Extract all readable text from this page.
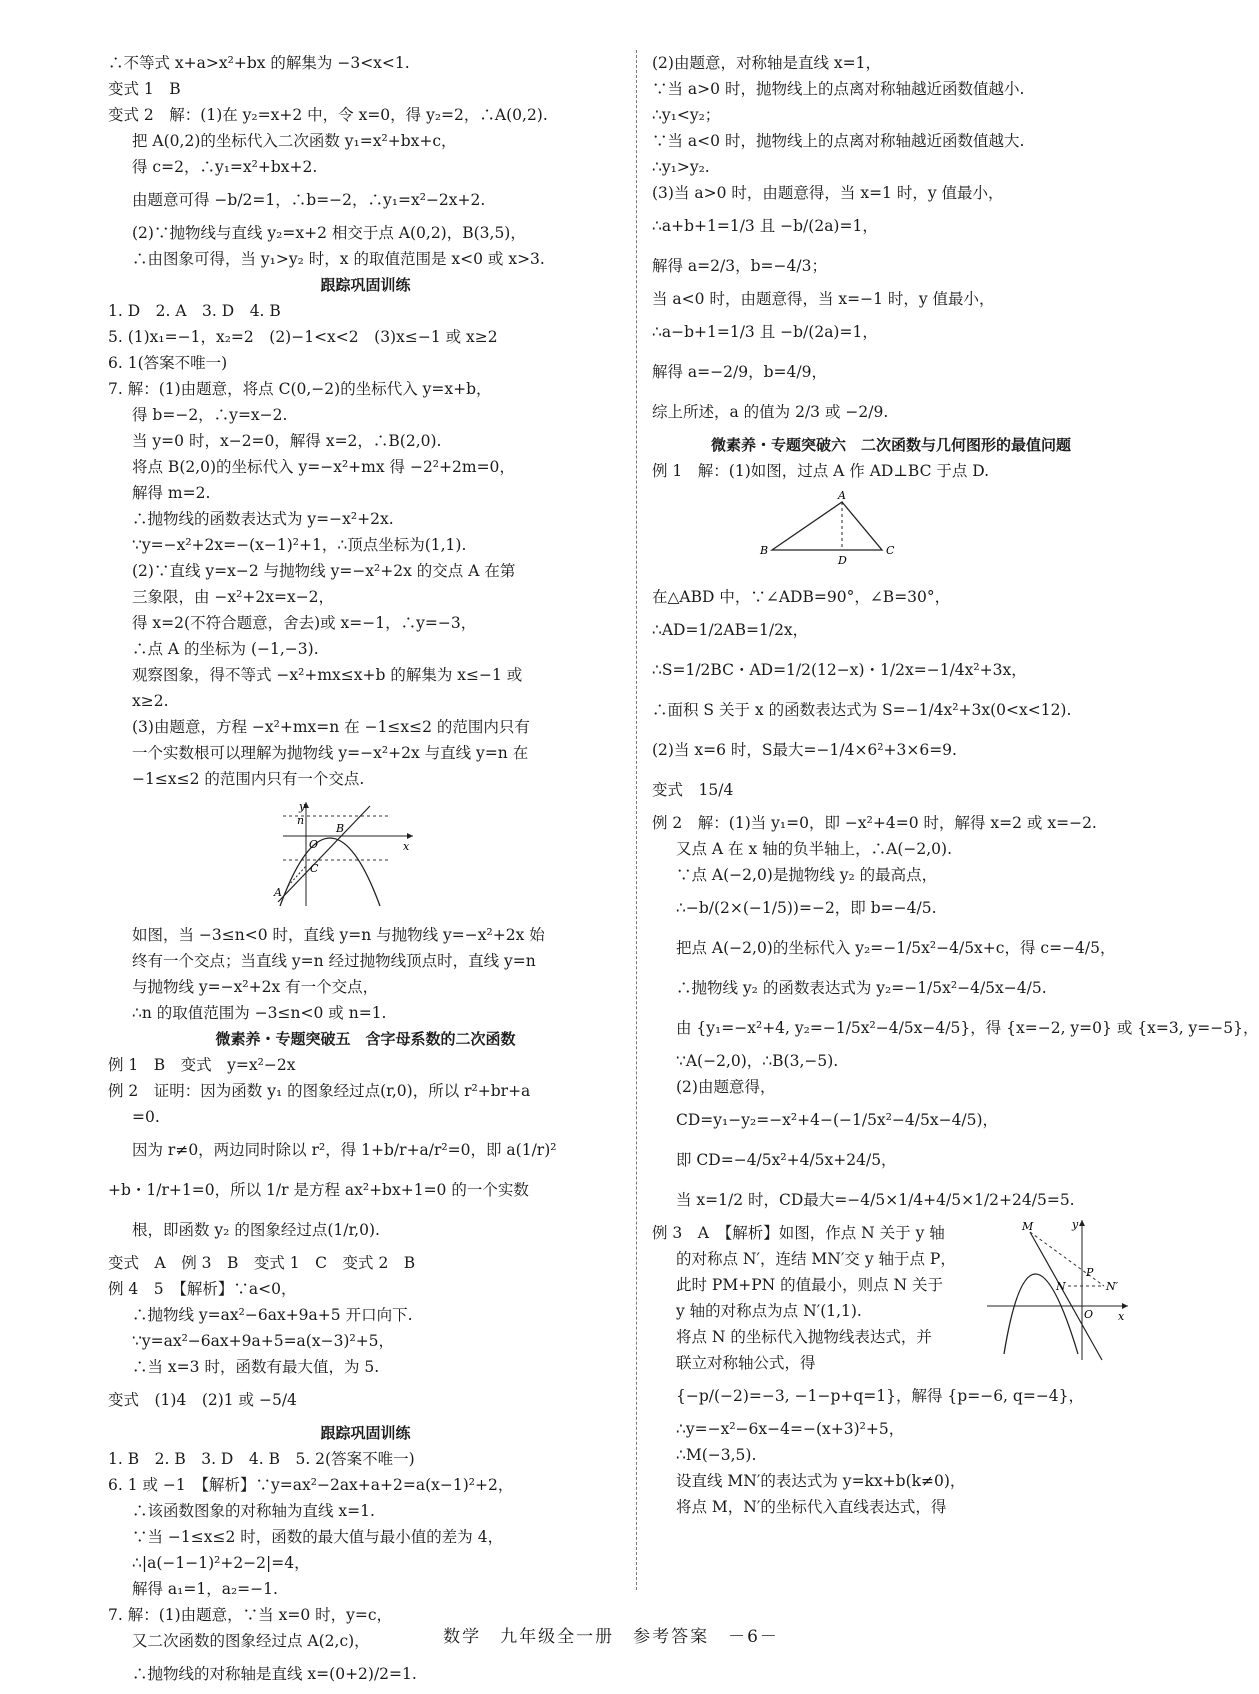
∴不等式 x+a>x²+bx 的解集为 −3<x<1.
变式 1　B
变式 2　解：(1)在 y₂=x+2 中，令 x=0，得 y₂=2，∴A(0,2).
把 A(0,2)的坐标代入二次函数 y₁=x²+bx+c，
得 c=2，∴y₁=x²+bx+2.
由题意可得 −b/2=1，∴b=−2，∴y₁=x²−2x+2.
(2)∵抛物线与直线 y₂=x+2 相交于点 A(0,2)，B(3,5)，
∴由图象可得，当 y₁>y₂ 时，x 的取值范围是 x<0 或 x>3.
跟踪巩固训练
1. D　2. A　3. D　4. B
5. (1)x₁=−1，x₂=2　(2)−1<x<2　(3)x≤−1 或 x≥2
6. 1(答案不唯一)
7. 解：(1)由题意，将点 C(0,−2)的坐标代入 y=x+b，
得 b=−2，∴y=x−2.
当 y=0 时，x−2=0，解得 x=2，∴B(2,0).
将点 B(2,0)的坐标代入 y=−x²+mx 得 −2²+2m=0，
解得 m=2.
∴抛物线的函数表达式为 y=−x²+2x.
∵y=−x²+2x=−(x−1)²+1，∴顶点坐标为(1,1).
(2)∵直线 y=x−2 与抛物线 y=−x²+2x 的交点 A 在第
三象限，由 −x²+2x=x−2，
得 x=2(不符合题意，舍去)或 x=−1，∴y=−3，
∴点 A 的坐标为 (−1,−3).
观察图象，得不等式 −x²+mx≤x+b 的解集为 x≤−1 或
x≥2.
(3)由题意，方程 −x²+mx=n 在 −1≤x≤2 的范围内只有
一个实数根可以理解为抛物线 y=−x²+2x 与直线 y=n 在
−1≤x≤2 的范围内只有一个交点.
y
n
O
B
x
C
A
如图，当 −3≤n<0 时，直线 y=n 与抛物线 y=−x²+2x 始
终有一个交点；当直线 y=n 经过抛物线顶点时，直线 y=n
与抛物线 y=−x²+2x 有一个交点，
∴n 的取值范围为 −3≤n<0 或 n=1.
微素养・专题突破五　含字母系数的二次函数
例 1　B　变式　y=x²−2x
例 2　证明：因为函数 y₁ 的图象经过点(r,0)，所以 r²+br+a
=0.
因为 r≠0，两边同时除以 r²，得 1+b/r+a/r²=0，即 a(1/r)²
+b・1/r+1=0，所以 1/r 是方程 ax²+bx+1=0 的一个实数
根，即函数 y₂ 的图象经过点(1/r,0).
变式　A　例 3　B　变式 1　C　变式 2　B
例 4　5　【解析】∵a<0，
∴抛物线 y=ax²−6ax+9a+5 开口向下.
∵y=ax²−6ax+9a+5=a(x−3)²+5，
∴当 x=3 时，函数有最大值，为 5.
变式　(1)4　(2)1 或 −5/4
跟踪巩固训练
1. B　2. B　3. D　4. B　5. 2(答案不唯一)
6. 1 或 −1　【解析】∵y=ax²−2ax+a+2=a(x−1)²+2，
∴该函数图象的对称轴为直线 x=1.
∵当 −1≤x≤2 时，函数的最大值与最小值的差为 4，
∴|a(−1−1)²+2−2|=4，
解得 a₁=1，a₂=−1.
7. 解：(1)由题意，∵当 x=0 时，y=c，
又二次函数的图象经过点 A(2,c)，
∴抛物线的对称轴是直线 x=(0+2)/2=1.
(2)由题意，对称轴是直线 x=1，
∵当 a>0 时，抛物线上的点离对称轴越近函数值越小.
∴y₁<y₂；
∵当 a<0 时，抛物线上的点离对称轴越近函数值越大.
∴y₁>y₂.
(3)当 a>0 时，由题意得，当 x=1 时，y 值最小，
∴a+b+1=1/3 且 −b/(2a)=1，
解得 a=2/3，b=−4/3；
当 a<0 时，由题意得，当 x=−1 时，y 值最小，
∴a−b+1=1/3 且 −b/(2a)=1，
解得 a=−2/9，b=4/9，
综上所述，a 的值为 2/3 或 −2/9.
微素养・专题突破六　二次函数与几何图形的最值问题
例 1　解：(1)如图，过点 A 作 AD⊥BC 于点 D.
A
B
D
C
在△ABD 中，∵∠ADB=90°，∠B=30°，
∴AD=1/2AB=1/2x，
∴S=1/2BC・AD=1/2(12−x)・1/2x=−1/4x²+3x，
∴面积 S 关于 x 的函数表达式为 S=−1/4x²+3x(0<x<12).
(2)当 x=6 时，S最大=−1/4×6²+3×6=9.
变式　15/4
例 2　解：(1)当 y₁=0，即 −x²+4=0 时，解得 x=2 或 x=−2.
又点 A 在 x 轴的负半轴上，∴A(−2,0).
∵点 A(−2,0)是抛物线 y₂ 的最高点，
∴−b/(2×(−1/5))=−2，即 b=−4/5.
把点 A(−2,0)的坐标代入 y₂=−1/5x²−4/5x+c，得 c=−4/5，
∴抛物线 y₂ 的函数表达式为 y₂=−1/5x²−4/5x−4/5.
由 {y₁=−x²+4, y₂=−1/5x²−4/5x−4/5}，得 {x=−2, y=0} 或 {x=3, y=−5}，
∵A(−2,0)，∴B(3,−5).
(2)由题意得，
CD=y₁−y₂=−x²+4−(−1/5x²−4/5x−4/5)，
即 CD=−4/5x²+4/5x+24/5，
当 x=1/2 时，CD最大=−4/5×1/4+4/5×1/2+24/5=5.
M	y
P
N	N′
O x
例 3　A　【解析】如图，作点 N 关于 y 轴
的对称点 N′，连结 MN′交 y 轴于点 P，
此时 PM+PN 的值最小，则点 N 关于
y 轴的对称点为点 N′(1,1).
将点 N 的坐标代入抛物线表达式，并
联立对称轴公式，得
{−p/(−2)=−3, −1−p+q=1}，解得 {p=−6, q=−4}，
∴y=−x²−6x−4=−(x+3)²+5，
∴M(−3,5).
设直线 MN′的表达式为 y=kx+b(k≠0)，
将点 M，N′的坐标代入直线表达式，得
数学　九年级全一册　参考答案　－6－
